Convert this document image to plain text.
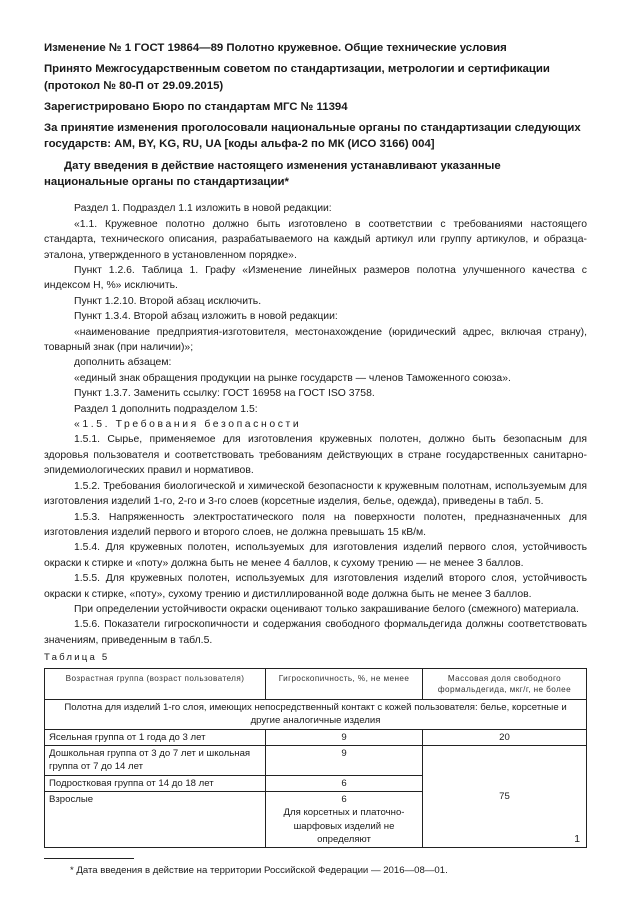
Изменение № 1 ГОСТ 19864—89 Полотно кружевное. Общие технические условия
Принято Межгосударственным советом по стандартизации, метрологии и сертификации (протокол № 80-П от 29.09.2015)
Зарегистрировано Бюро по стандартам МГС № 11394
За принятие изменения проголосовали национальные органы по стандартизации следующих государств: AM, BY, KG, RU, UA [коды альфа-2 по МК (ИСО 3166) 004]
Дату введения в действие настоящего изменения устанавливают указанные национальные органы по стандартизации*
Раздел 1. Подраздел 1.1 изложить в новой редакции:
«1.1. Кружевное полотно должно быть изготовлено в соответствии с требованиями настоящего стандарта, технического описания, разрабатываемого на каждый артикул или группу артикулов, и образца-эталона, утвержденного в установленном порядке».
Пункт 1.2.6. Таблица 1. Графу «Изменение линейных размеров полотна улучшенного качества с индексом Н, %» исключить.
Пункт 1.2.10. Второй абзац исключить.
Пункт 1.3.4. Второй абзац изложить в новой редакции:
«наименование предприятия-изготовителя, местонахождение (юридический адрес, включая страну), товарный знак (при наличии)»;
дополнить абзацем:
«единый знак обращения продукции на рынке государств — членов Таможенного союза».
Пункт 1.3.7. Заменить ссылку: ГОСТ 16958 на ГОСТ ISO 3758.
Раздел 1 дополнить подразделом 1.5:
«1.5. Требования безопасности
1.5.1. Сырье, применяемое для изготовления кружевных полотен, должно быть безопасным для здоровья пользователя и соответствовать требованиям действующих в стране государственных санитарно-эпидемиологических правил и нормативов.
1.5.2. Требования биологической и химической безопасности к кружевным полотнам, используемым для изготовления изделий 1-го, 2-го и 3-го слоев (корсетные изделия, белье, одежда), приведены в табл. 5.
1.5.3. Напряженность электростатического поля на поверхности полотен, предназначенных для изготовления изделий первого и второго слоев, не должна превышать 15 кВ/м.
1.5.4. Для кружевных полотен, используемых для изготовления изделий первого слоя, устойчивость окраски к стирке и «поту» должна быть не менее 4 баллов, к сухому трению — не менее 3 баллов.
1.5.5. Для кружевных полотен, используемых для изготовления изделий второго слоя, устойчивость окраски к стирке, «поту», сухому трению и дистиллированной воде должна быть не менее 3 баллов.
При определении устойчивости окраски оценивают только закрашивание белого (смежного) материала.
1.5.6. Показатели гигроскопичности и содержания свободного формальдегида должны соответствовать значениям, приведенным в табл.5.
Таблица 5
Возрастная группа (возраст пользователя)	Гигроскопичность, %, не менее	Массовая доля свободного формальдегида, мкг/г, не более
Полотна для изделий 1-го слоя, имеющих непосредственный контакт с кожей пользователя: белье, корсетные и другие аналогичные изделия		
Ясельная группа от 1 года до 3 лет	9	20
Дошкольная группа от 3 до 7 лет и школьная группа от 7 до 14 лет	9	75
Подростковая группа от 14 до 18 лет	6	
Взрослые	6
Для корсетных и платочно-шарфовых изделий не определяют	
* Дата введения в действие на территории Российской Федерации — 2016—08—01.
1
